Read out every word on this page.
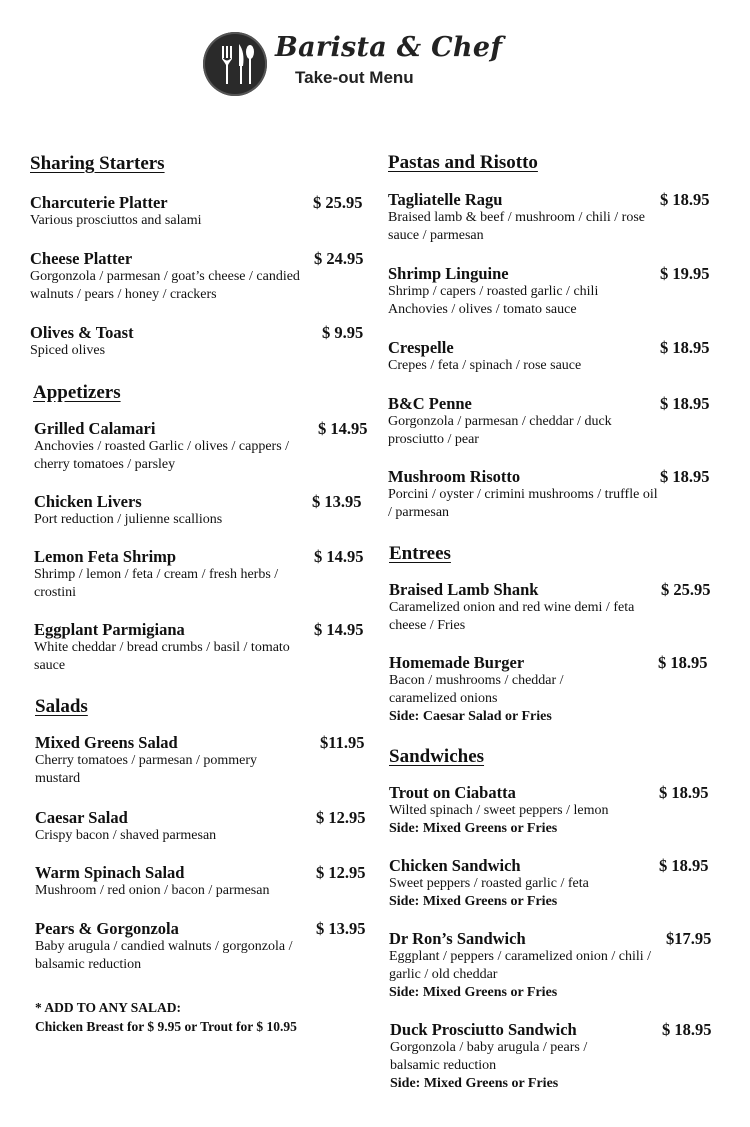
Barista & Chef
Take-out Menu
Sharing Starters
Charcuterie Platter	$ 25.95
Various prosciuttos and salami
Cheese Platter	$ 24.95
Gorgonzola / parmesan / goat’s cheese / candied walnuts / pears / honey / crackers
Olives & Toast	$ 9.95
Spiced olives
Appetizers
Grilled Calamari	$ 14.95
Anchovies / roasted Garlic / olives / cappers / cherry tomatoes / parsley
Chicken Livers	$ 13.95
Port reduction / julienne scallions
Lemon Feta Shrimp	$ 14.95
Shrimp / lemon / feta / cream / fresh herbs / crostini
Eggplant Parmigiana	$ 14.95
White cheddar / bread crumbs / basil / tomato sauce
Salads
Mixed Greens Salad	$11.95
Cherry tomatoes / parmesan / pommery mustard
Caesar Salad	$ 12.95
Crispy bacon / shaved parmesan
Warm Spinach Salad	$ 12.95
Mushroom / red onion / bacon / parmesan
Pears & Gorgonzola	$ 13.95
Baby arugula / candied walnuts / gorgonzola / balsamic reduction
* ADD TO ANY SALAD:
Chicken Breast for $ 9.95 or Trout for $ 10.95
Pastas and Risotto
Tagliatelle Ragu	$ 18.95
Braised lamb & beef / mushroom / chili / rose sauce / parmesan
Shrimp Linguine	$ 19.95
Shrimp / capers / roasted garlic / chili Anchovies / olives / tomato sauce
Crespelle	$ 18.95
Crepes / feta / spinach / rose sauce
B&C Penne	$ 18.95
Gorgonzola / parmesan / cheddar / duck prosciutto / pear
Mushroom Risotto	$ 18.95
Porcini / oyster / crimini mushrooms / truffle oil / parmesan
Entrees
Braised Lamb Shank	$ 25.95
Caramelized onion and red wine demi / feta cheese / Fries
Homemade Burger	$ 18.95
Bacon / mushrooms / cheddar / caramelized onions
Side: Caesar Salad or Fries
Sandwiches
Trout on Ciabatta	$ 18.95
Wilted spinach / sweet peppers / lemon
Side: Mixed Greens or Fries
Chicken Sandwich	$ 18.95
Sweet peppers / roasted garlic / feta
Side: Mixed Greens or Fries
Dr Ron’s Sandwich	$17.95
Eggplant / peppers / caramelized onion / chili / garlic / old cheddar
Side: Mixed Greens or Fries
Duck Prosciutto Sandwich	$ 18.95
Gorgonzola / baby arugula / pears / balsamic reduction
Side: Mixed Greens or Fries
